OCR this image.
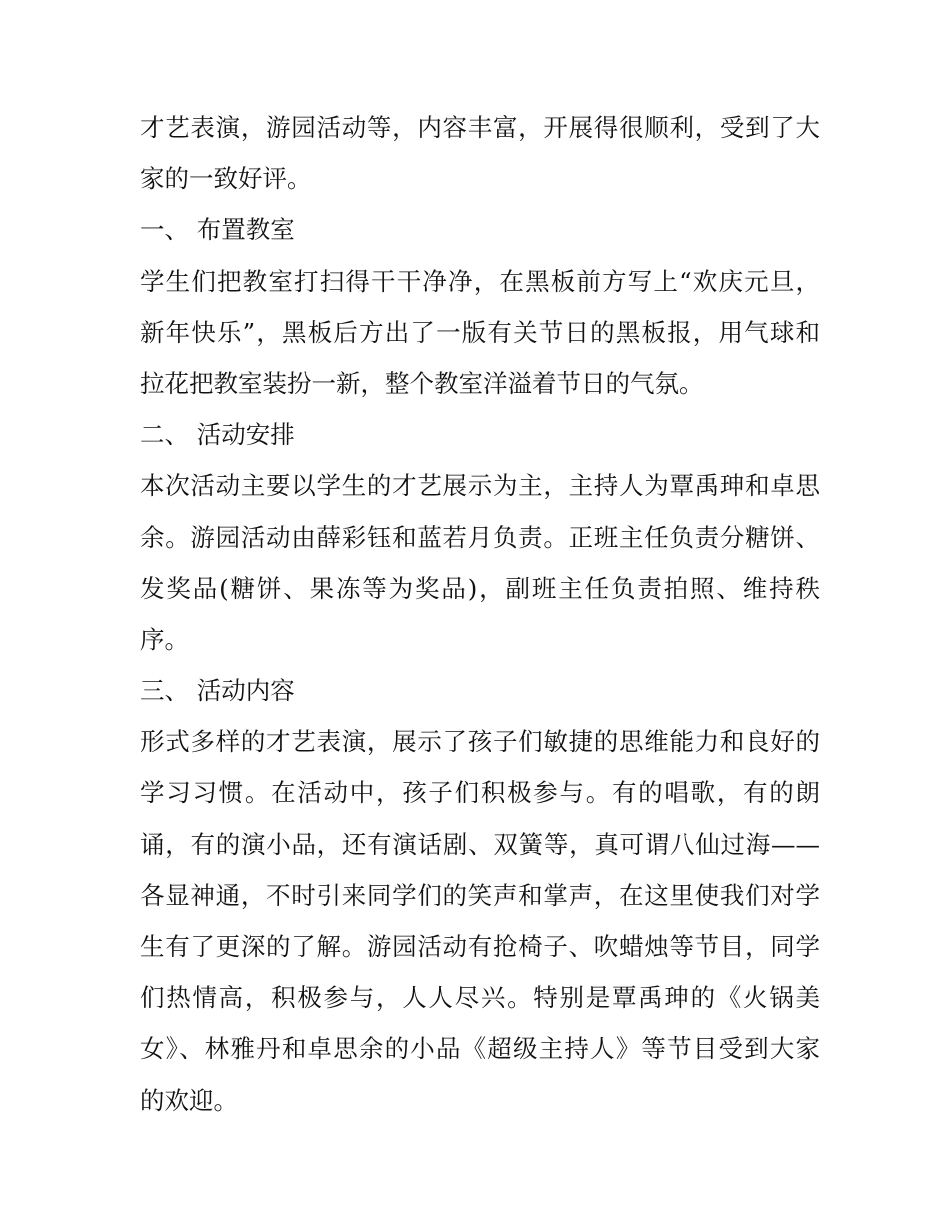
才艺表演，游园活动等，内容丰富，开展得很顺利，受到了大
家的一致好评。
一、 布置教室
学生们把教室打扫得干干净净，在黑板前方写上“欢庆元旦，
新年快乐”，黑板后方出了一版有关节日的黑板报，用气球和
拉花把教室装扮一新，整个教室洋溢着节日的气氛。
二、 活动安排
本次活动主要以学生的才艺展示为主，主持人为覃禹珅和卓思
余。游园活动由薛彩钰和蓝若月负责。正班主任负责分糖饼、
发奖品(糖饼、果冻等为奖品)，副班主任负责拍照、维持秩
序。
三、 活动内容
形式多样的才艺表演，展示了孩子们敏捷的思维能力和良好的
学习习惯。在活动中，孩子们积极参与。有的唱歌，有的朗
诵，有的演小品，还有演话剧、双簧等，真可谓八仙过海——
各显神通，不时引来同学们的笑声和掌声，在这里使我们对学
生有了更深的了解。游园活动有抢椅子、吹蜡烛等节目，同学
们热情高，积极参与，人人尽兴。特别是覃禹珅的《火锅美
女》、林雅丹和卓思余的小品《超级主持人》等节目受到大家
的欢迎。
